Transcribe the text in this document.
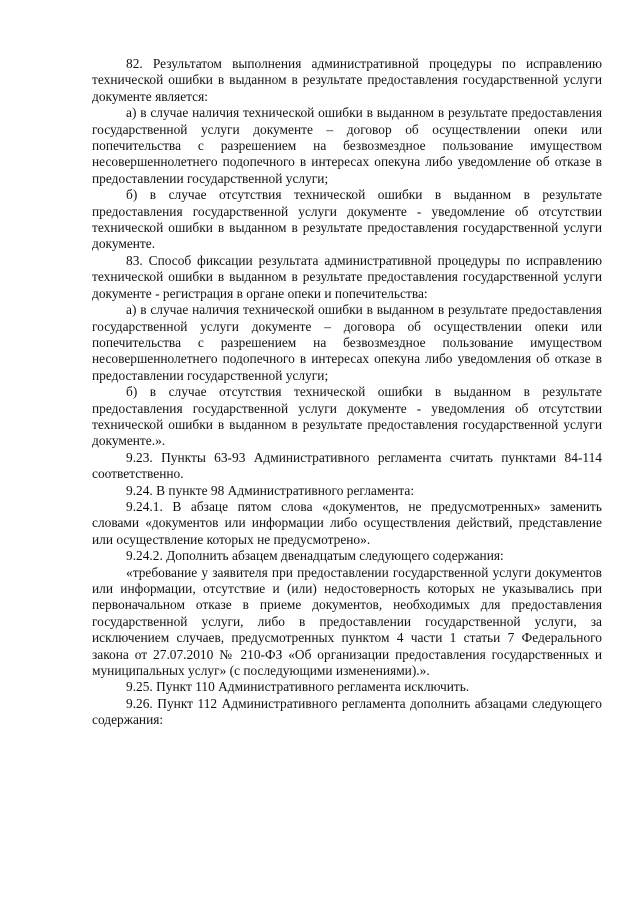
82. Результатом выполнения административной процедуры по исправлению технической ошибки в выданном в результате предоставления государственной услуги документе является:

а) в случае наличия технической ошибки в выданном в результате предоставления государственной услуги документе – договор об осуществлении опеки или попечительства с разрешением на безвозмездное пользование имуществом несовершеннолетнего подопечного в интересах опекуна либо уведомление об отказе в предоставлении государственной услуги;

б) в случае отсутствия технической ошибки в выданном в результате предоставления государственной услуги документе - уведомление об отсутствии технической ошибки в выданном в результате предоставления государственной услуги документе.

83. Способ фиксации результата административной процедуры по исправлению технической ошибки в выданном в результате предоставления государственной услуги документе - регистрация в органе опеки и попечительства:

а) в случае наличия технической ошибки в выданном в результате предоставления государственной услуги документе – договора об осуществлении опеки или попечительства с разрешением на безвозмездное пользование имуществом несовершеннолетнего подопечного в интересах опекуна либо уведомления об отказе в предоставлении государственной услуги;

б) в случае отсутствия технической ошибки в выданном в результате предоставления государственной услуги документе - уведомления об отсутствии технической ошибки в выданном в результате предоставления государственной услуги документе.».

9.23. Пункты 63-93 Административного регламента считать пунктами 84-114 соответственно.

9.24. В пункте 98 Административного регламента:

9.24.1. В абзаце пятом слова «документов, не предусмотренных» заменить словами «документов или информации либо осуществления действий, представление или осуществление которых не предусмотрено».

9.24.2. Дополнить абзацем двенадцатым следующего содержания:

«требование у заявителя при предоставлении государственной услуги документов или информации, отсутствие и (или) недостоверность которых не указывались при первоначальном отказе в приеме документов, необходимых для предоставления государственной услуги, либо в предоставлении государственной услуги, за исключением случаев, предусмотренных пунктом 4 части 1 статьи 7 Федерального закона от 27.07.2010 № 210-ФЗ «Об организации предоставления государственных и муниципальных услуг» (с последующими изменениями).».

9.25. Пункт 110 Административного регламента исключить.

9.26. Пункт 112 Административного регламента дополнить абзацами следующего содержания:
